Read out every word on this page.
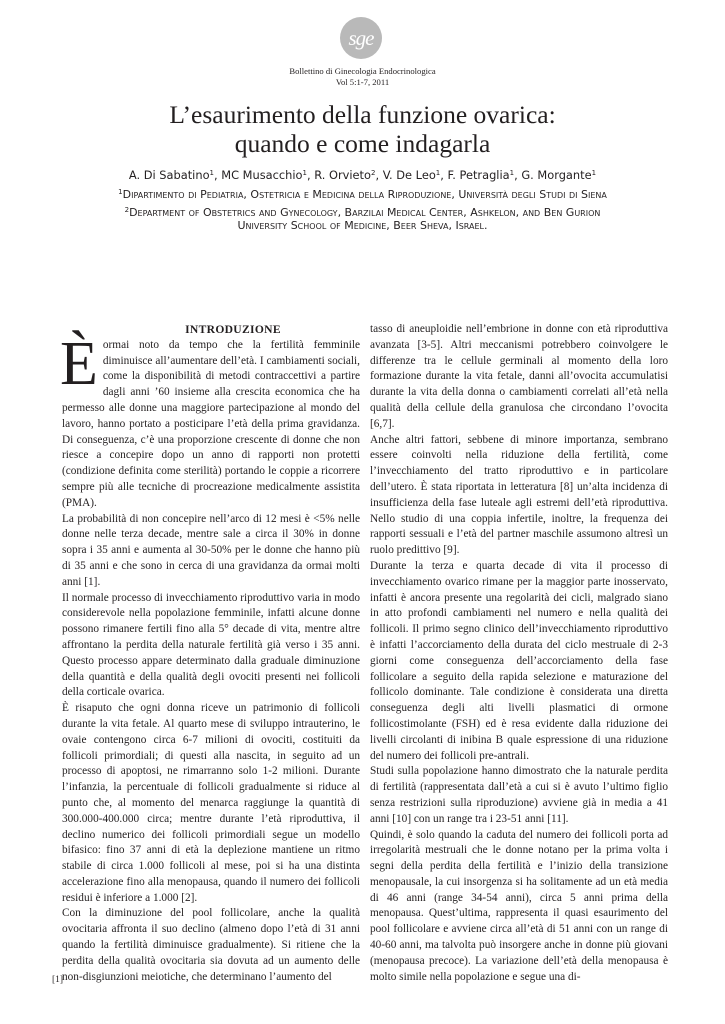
sge
Bollettino di Ginecologia Endocrinologica
Vol 5:1-7, 2011
L’esaurimento della funzione ovarica:
quando e come indagarla
A. Di Sabatino$^1$, MC Musacchio$^1$, R. Orvieto$^2$, V. De Leo$^1$, F. Petraglia$^1$, G. Morgante$^1$
$^1$Dipartimento di Pediatria, Ostetricia e Medicina della Riproduzione, Università degli Studi di Siena
$^2$Department of Obstetrics and Gynecology, Barzilai Medical Center, Ashkelon, and Ben Gurion
University School of Medicine, Beer Sheva, Israel.
INTRODUZIONE

Èormai noto da tempo che la fertilità femminile diminuisce all’aumentare dell’età. I cambiamenti sociali, come la disponibilità di metodi contraccettivi a partire dagli anni ’60 insieme alla crescita economica che ha permesso alle donne una maggiore partecipazione al mondo del lavoro, hanno portato a posticipare l’età della prima gravidanza. Di conseguenza, c’è una proporzione crescente di donne che non riesce a concepire dopo un anno di rapporti non protetti (condizione definita come sterilità) portando le coppie a ricorrere sempre più alle tecniche di procreazione medicalmente assistita (PMA).

La probabilità di non concepire nell’arco di 12 mesi è <5% nelle donne nelle terza decade, mentre sale a circa il 30% in donne sopra i 35 anni e aumenta al 30-50% per le donne che hanno più di 35 anni e che sono in cerca di una gravidanza da ormai molti anni [1].

Il normale processo di invecchiamento riproduttivo varia in modo considerevole nella popolazione femminile, infatti alcune donne possono rimanere fertili fino alla 5° decade di vita, mentre altre affrontano la perdita della naturale fertilità già verso i 35 anni. Questo processo appare determinato dalla graduale diminuzione della quantità e della qualità degli ovociti presenti nei follicoli della corticale ovarica.

È risaputo che ogni donna riceve un patrimonio di follicoli durante la vita fetale. Al quarto mese di sviluppo intrauterino, le ovaie contengono circa 6-7 milioni di ovociti, costituiti da follicoli primordiali; di questi alla nascita, in seguito ad un processo di apoptosi, ne rimarranno solo 1-2 milioni. Durante l’infanzia, la percentuale di follicoli gradualmente si riduce al punto che, al momento del menarca raggiunge la quantità di 300.000-400.000 circa; mentre durante l’età riproduttiva, il declino numerico dei follicoli primordiali segue un modello bifasico: fino 37 anni di età la deplezione mantiene un ritmo stabile di circa 1.000 follicoli al mese, poi si ha una distinta accelerazione fino alla menopausa, quando il numero dei follicoli residui è inferiore a 1.000 [2].

Con la diminuzione del pool follicolare, anche la qualità ovocitaria affronta il suo declino (almeno dopo l’età di 31 anni quando la fertilità diminuisce gradualmente). Si ritiene che la perdita della qualità ovocitaria sia dovuta ad un aumento delle non-disgiunzioni meiotiche, che determinano l’aumento del

tasso di aneuploidie nell’embrione in donne con età riproduttiva avanzata [3-5]. Altri meccanismi potrebbero coinvolgere le differenze tra le cellule germinali al momento della loro formazione durante la vita fetale, danni all’ovocita accumulatisi durante la vita della donna o cambiamenti correlati all’età nella qualità della cellule della granulosa che circondano l’ovocita [6,7].

Anche altri fattori, sebbene di minore importanza, sembrano essere coinvolti nella riduzione della fertilità, come l’invecchiamento del tratto riproduttivo e in particolare dell’utero. È stata riportata in letteratura [8] un’alta incidenza di insufficienza della fase luteale agli estremi dell’età riproduttiva. Nello studio di una coppia infertile, inoltre, la frequenza dei rapporti sessuali e l’età del partner maschile assumono altresì un ruolo predittivo [9].

Durante la terza e quarta decade di vita il processo di invecchiamento ovarico rimane per la maggior parte inosservato, infatti è ancora presente una regolarità dei cicli, malgrado siano in atto profondi cambiamenti nel numero e nella qualità dei follicoli. Il primo segno clinico dell’invecchiamento riproduttivo è infatti l’accorciamento della durata del ciclo mestruale di 2-3 giorni come conseguenza dell’accorciamento della fase follicolare a seguito della rapida selezione e maturazione del follicolo dominante. Tale condizione è considerata una diretta conseguenza degli alti livelli plasmatici di ormone follicostimolante (FSH) ed è resa evidente dalla riduzione dei livelli circolanti di inibina B quale espressione di una riduzione del numero dei follicoli pre-antrali.

Studi sulla popolazione hanno dimostrato che la naturale perdita di fertilità (rappresentata dall’età a cui si è avuto l’ultimo figlio senza restrizioni sulla riproduzione) avviene già in media a 41 anni [10] con un range tra i 23-51 anni [11].

Quindi, è solo quando la caduta del numero dei follicoli porta ad irregolarità mestruali che le donne notano per la prima volta i segni della perdita della fertilità e l’inizio della transizione menopausale, la cui insorgenza si ha solitamente ad un età media di 46 anni (range 34-54 anni), circa 5 anni prima della menopausa. Quest’ultima, rappresenta il quasi esaurimento del pool follicolare e avviene circa all’età di 51 anni con un range di 40-60 anni, ma talvolta può insorgere anche in donne più giovani (menopausa precoce). La variazione dell’età della menopausa è molto simile nella popolazione e segue una di-

[1]
